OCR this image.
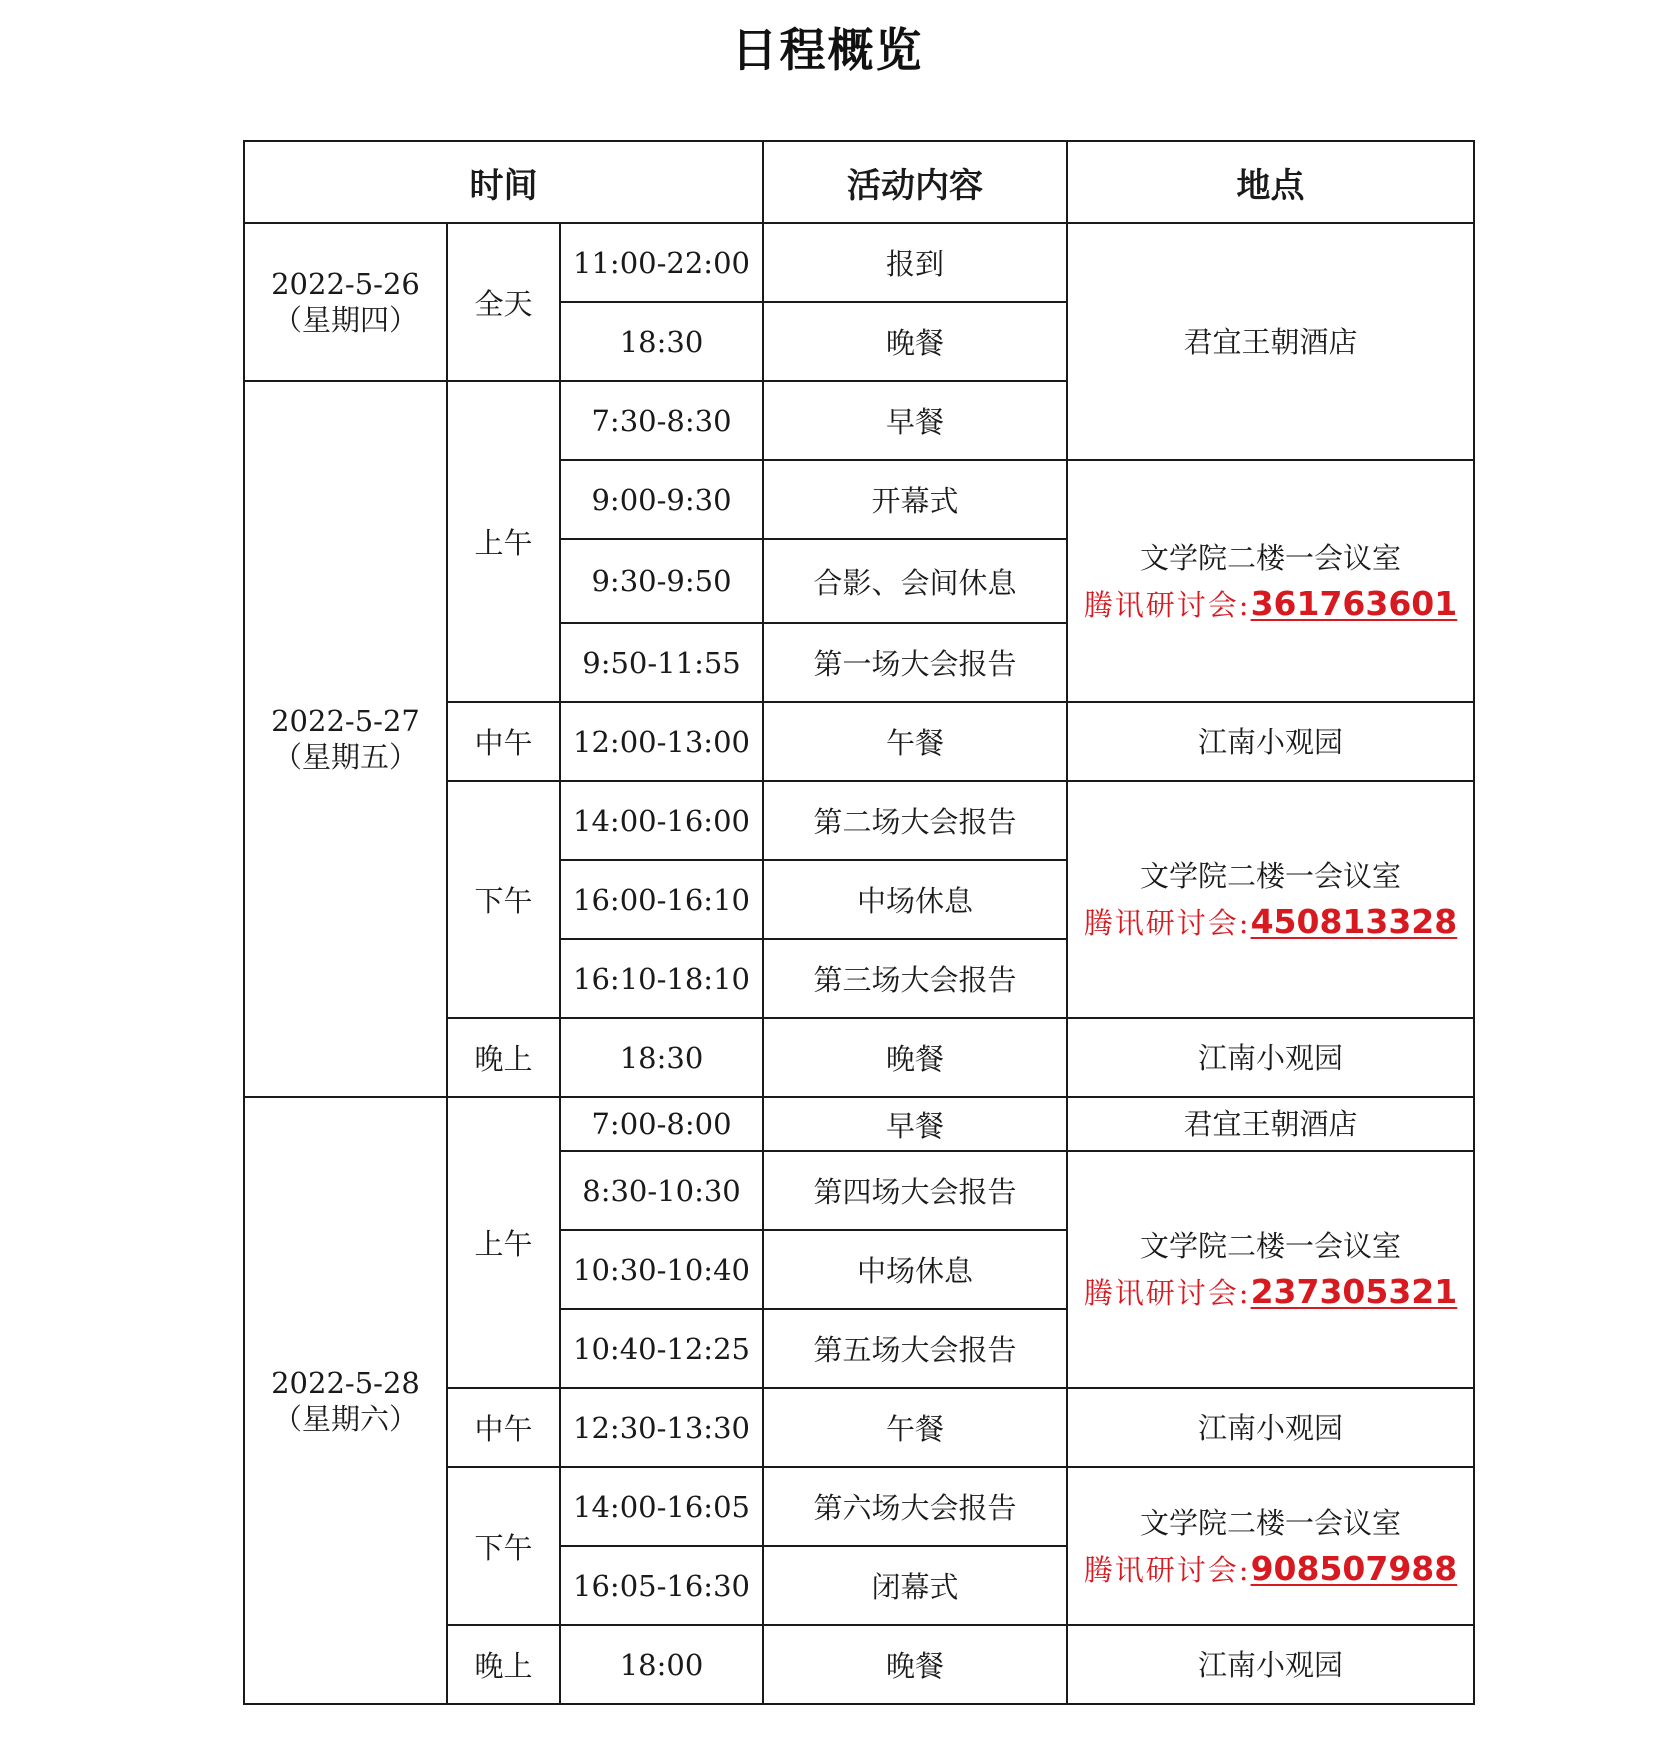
日程概览
时间			活动内容	地点

2022-5-26
（星期四）	全天	11:00-22:00	报到	君宜王朝酒店

		18:30	晚餐	

2022-5-27
（星期五）	上午	7:30-8:30	早餐	
		9:00-9:30	开幕式	文学院二楼一会议室
腾讯研讨会:361763601

		9:30-9:50	合影、会间休息	
		9:50-11:55	第一场大会报告	
	中午	12:00-13:00	午餐	江南小观园

	下午	14:00-16:00	第二场大会报告	文学院二楼一会议室
腾讯研讨会:450813328

		16:00-16:10	中场休息	
		16:10-18:10	第三场大会报告	
	晚上	18:30	晚餐	江南小观园

2022-5-28
（星期六）	上午	7:00-8:00	早餐	君宜王朝酒店

		8:30-10:30	第四场大会报告	文学院二楼一会议室
腾讯研讨会:237305321

		10:30-10:40	中场休息	
		10:40-12:25	第五场大会报告	
	中午	12:30-13:30	午餐	江南小观园

	下午	14:00-16:05	第六场大会报告	文学院二楼一会议室
腾讯研讨会:908507988

		16:05-16:30	闭幕式	
	晚上	18:00	晚餐	江南小观园
